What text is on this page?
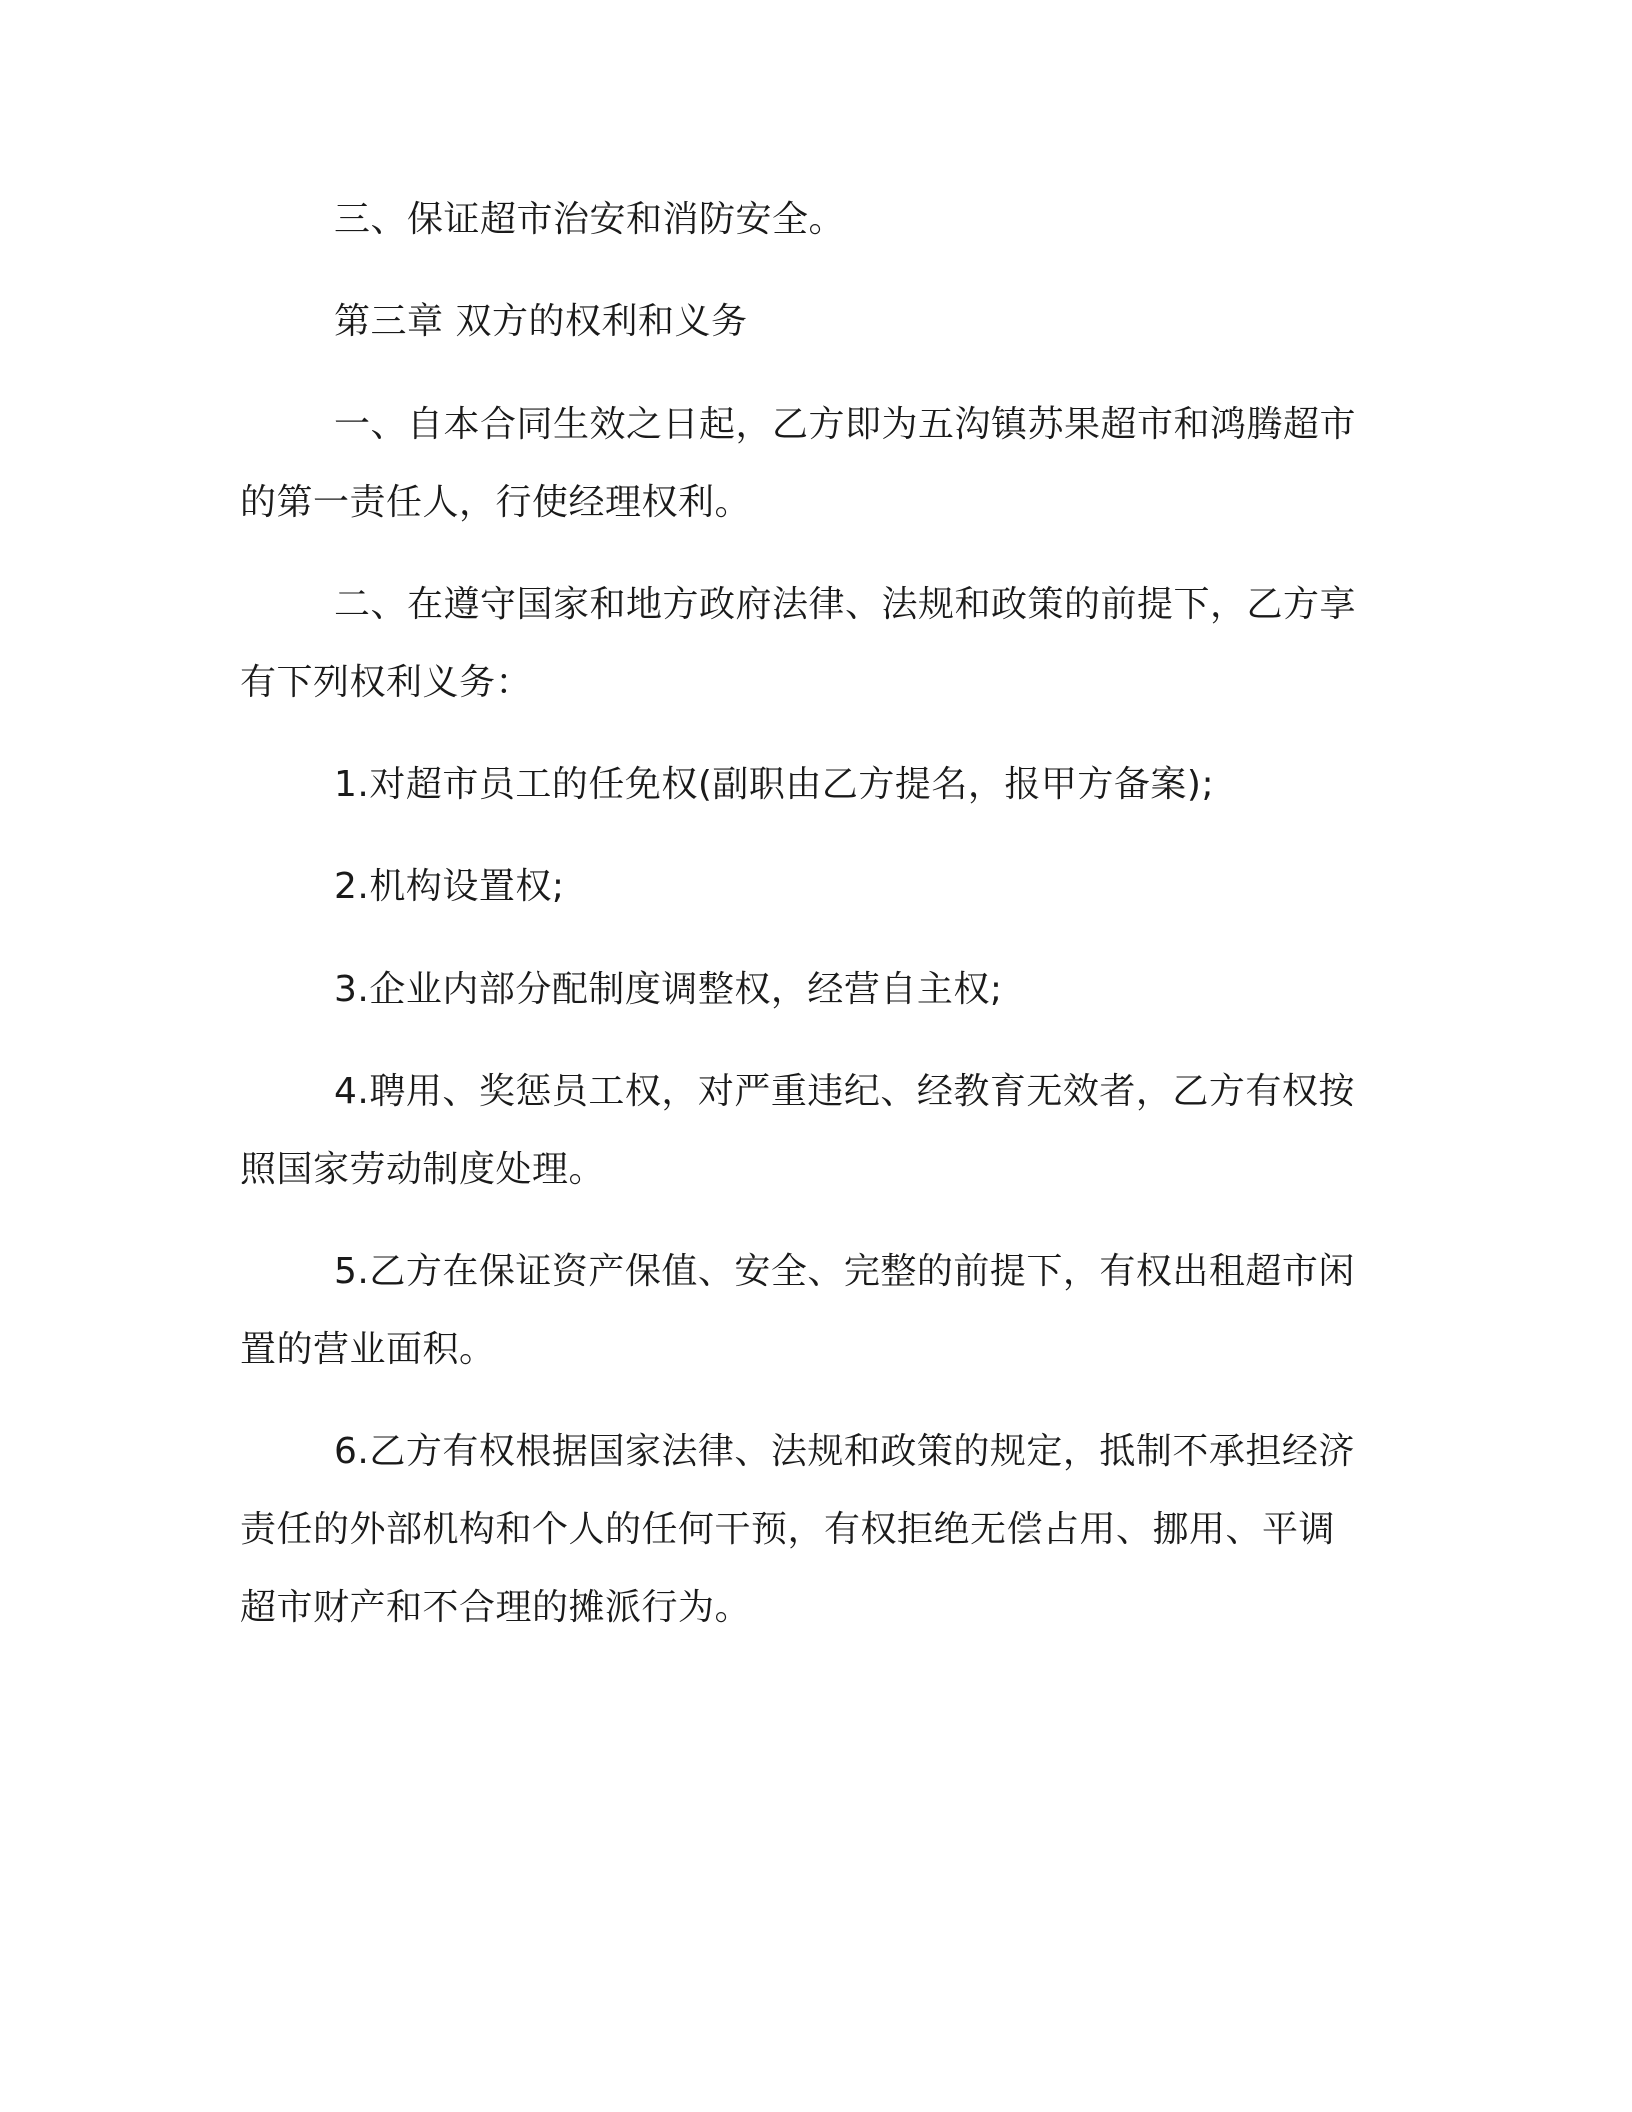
三、保证超市治安和消防安全。

第三章 双方的权利和义务

一、自本合同生效之日起，乙方即为五沟镇苏果超市和鸿腾超市
的第一责任人，行使经理权利。

二、在遵守国家和地方政府法律、法规和政策的前提下，乙方享
有下列权利义务：

1.对超市员工的任免权(副职由乙方提名，报甲方备案);

2.机构设置权;

3.企业内部分配制度调整权，经营自主权;

4.聘用、奖惩员工权，对严重违纪、经教育无效者，乙方有权按
照国家劳动制度处理。

5.乙方在保证资产保值、安全、完整的前提下，有权出租超市闲
置的营业面积。

6.乙方有权根据国家法律、法规和政策的规定，抵制不承担经济
责任的外部机构和个人的任何干预，有权拒绝无偿占用、挪用、平调
超市财产和不合理的摊派行为。
